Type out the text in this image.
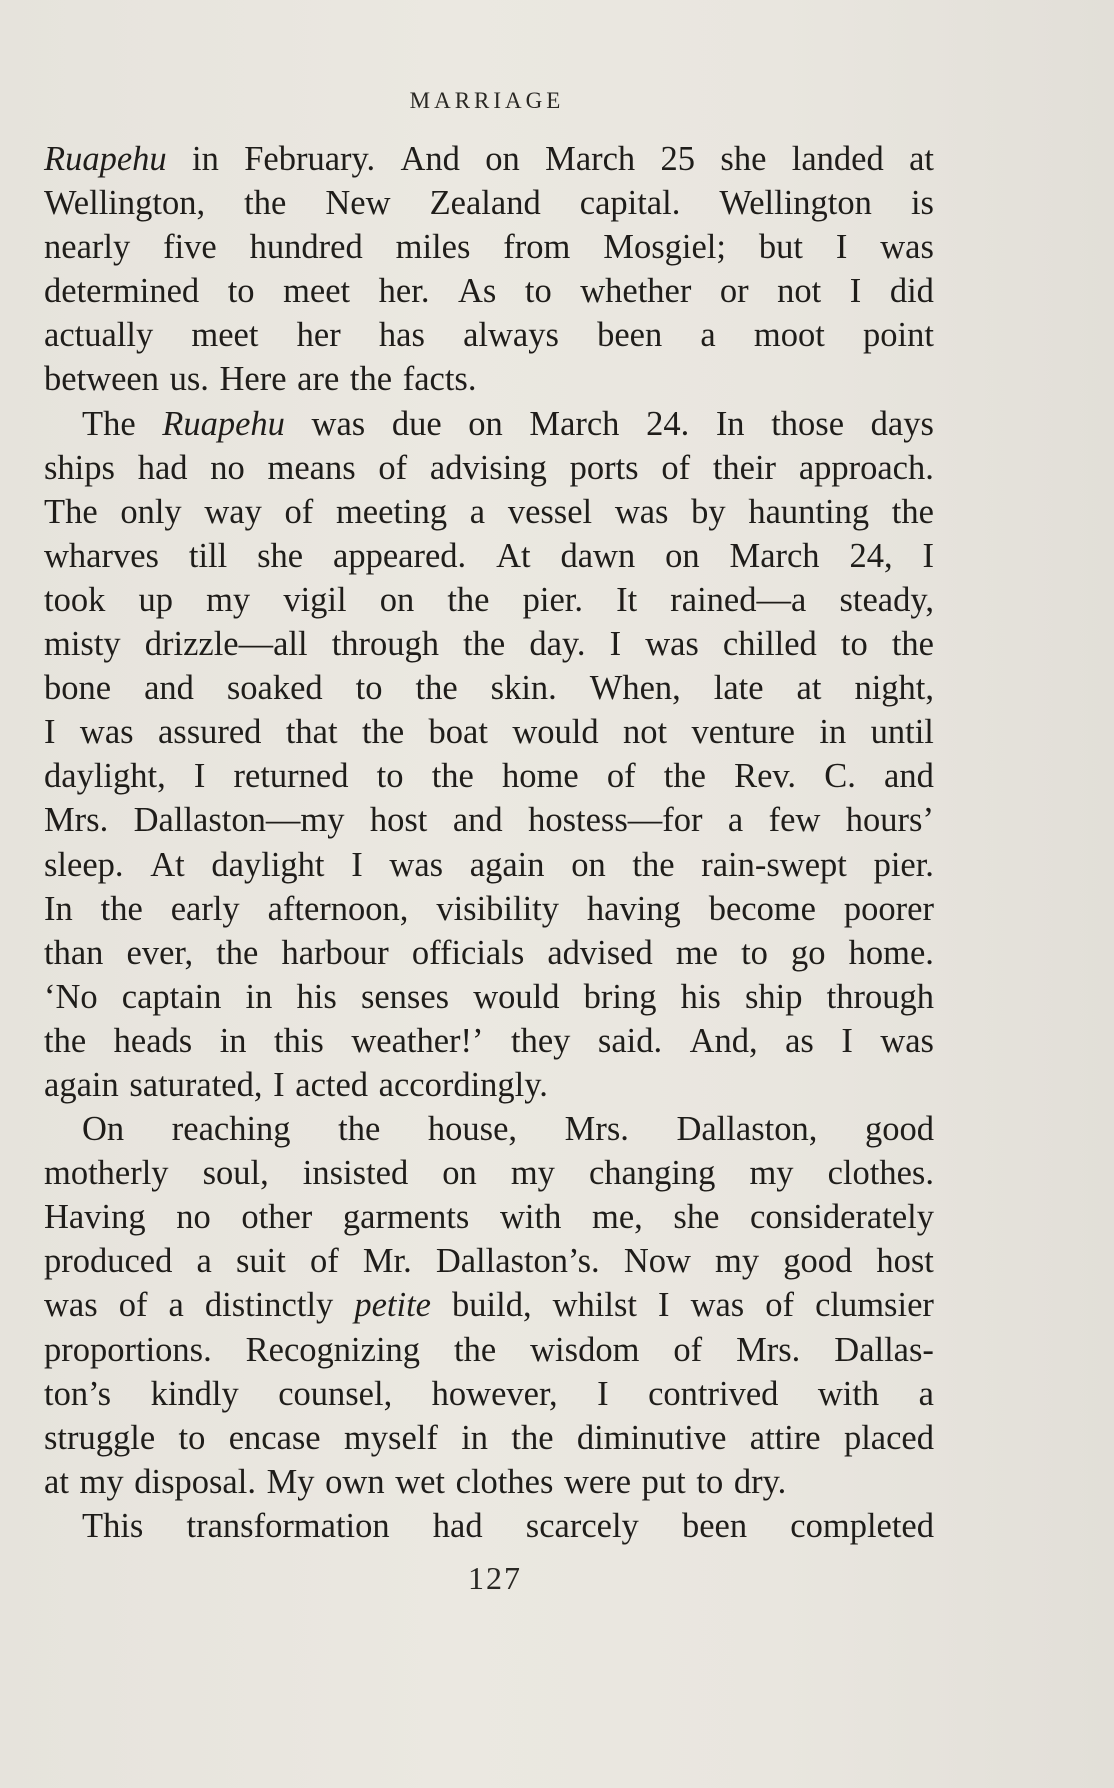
MARRIAGE
Ruapehu in February. And on March 25 she landed at
Wellington, the New Zealand capital. Wellington is
nearly five hundred miles from Mosgiel; but I was
determined to meet her. As to whether or not I did
actually meet her has always been a moot point
between
us.
Here
are
the
facts.
The Ruapehu was due on March 24. In those days
ships had no means of advising ports of their approach.
The only way of meeting a vessel was by haunting the
wharves till she appeared. At dawn on March 24, I
took up my vigil on the pier. It rained—a steady,
misty drizzle—all through the day. I was chilled to the
bone and soaked to the skin. When, late at night,
I was assured that the boat would not venture in until
daylight, I returned to the home of the Rev. C. and
Mrs. Dallaston—my host and hostess—for a few hours’
sleep. At daylight I was again on the rain-swept pier.
In the early afternoon, visibility having become poorer
than ever, the harbour officials advised me to go home.
‘No captain in his senses would bring his ship through
the heads in this weather!’ they said. And, as I was
again
saturated,
I
acted
accordingly.
On reaching the house, Mrs. Dallaston, good
motherly soul, insisted on my changing my clothes.
Having no other garments with me, she considerately
produced a suit of Mr. Dallaston’s. Now my good host
was of a distinctly petite build, whilst I was of clumsier
proportions. Recognizing the wisdom of Mrs. Dallas-
ton’s kindly counsel, however, I contrived with a
struggle to encase myself in the diminutive attire placed
at
my
disposal.
My
own
wet
clothes
were
put
to
dry.
This transformation had scarcely been completed
127
